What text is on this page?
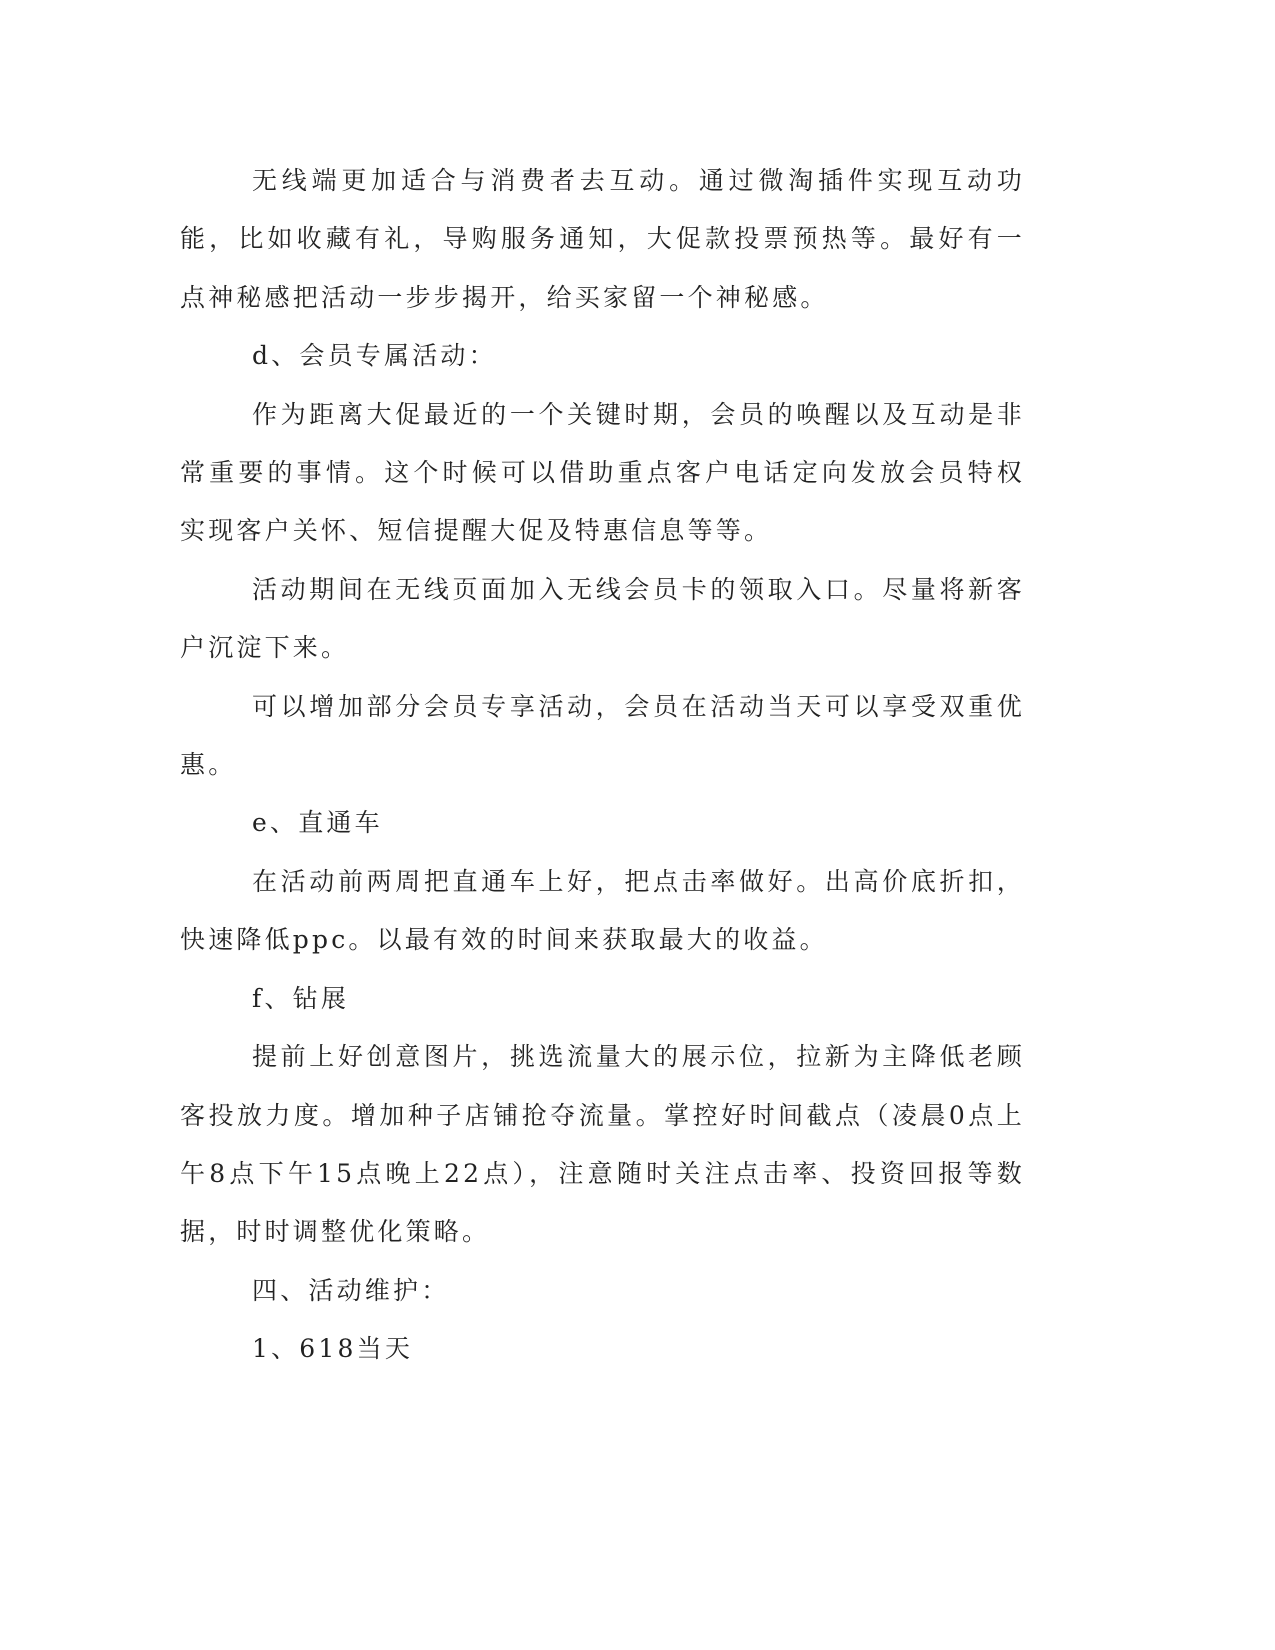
无线端更加适合与消费者去互动。通过微淘插件实现互动功能，比如收藏有礼，导购服务通知，大促款投票预热等。最好有一点神秘感把活动一步步揭开，给买家留一个神秘感。

d、会员专属活动：

作为距离大促最近的一个关键时期，会员的唤醒以及互动是非常重要的事情。这个时候可以借助重点客户电话定向发放会员特权实现客户关怀、短信提醒大促及特惠信息等等。

活动期间在无线页面加入无线会员卡的领取入口。尽量将新客户沉淀下来。

可以增加部分会员专享活动，会员在活动当天可以享受双重优惠。

e、直通车

在活动前两周把直通车上好，把点击率做好。出高价底折扣，快速降低ppc。以最有效的时间来获取最大的收益。

f、钻展

提前上好创意图片，挑选流量大的展示位，拉新为主降低老顾客投放力度。增加种子店铺抢夺流量。掌控好时间截点（凌晨0点上午8点下午15点晚上22点），注意随时关注点击率、投资回报等数据，时时调整优化策略。

四、活动维护：

1、618当天
